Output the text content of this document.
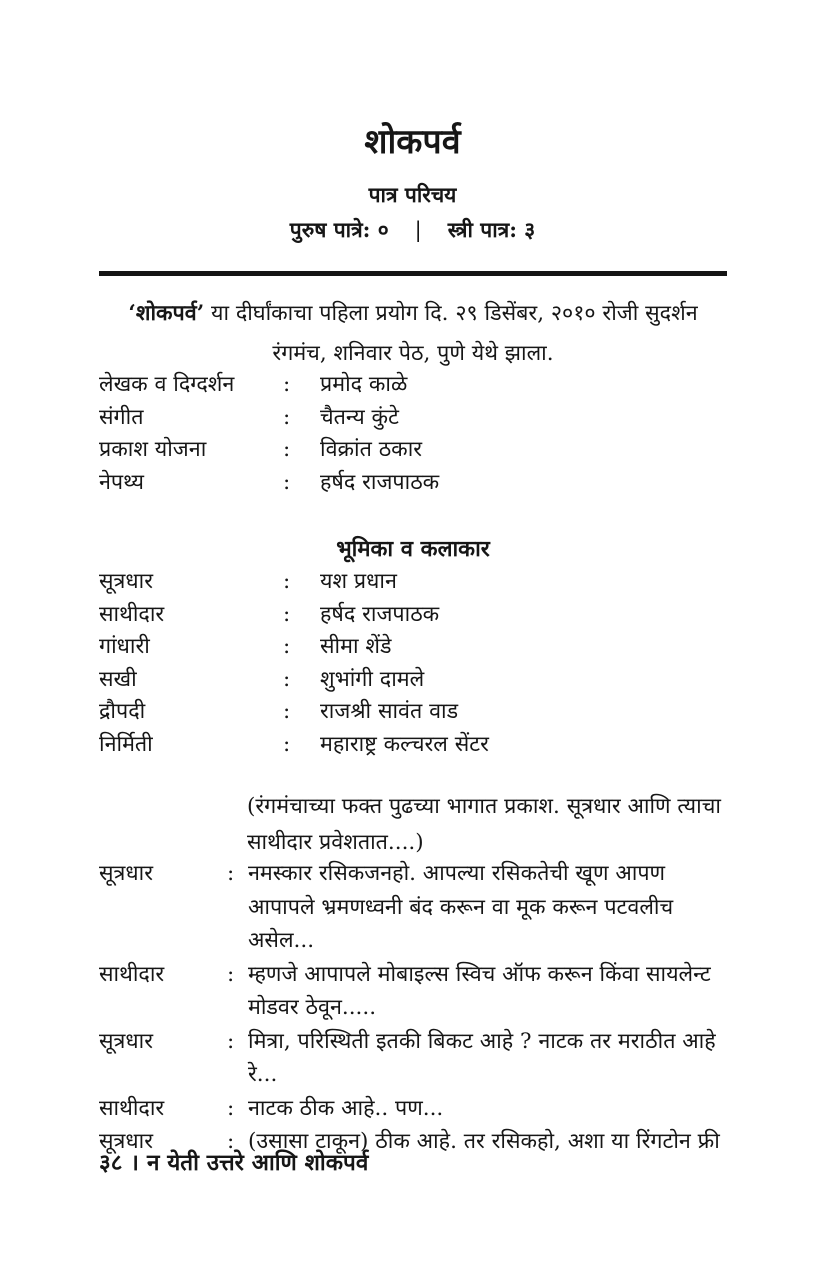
शोकपर्व
पात्र परिचय
पुरुष पात्रे: ० | स्त्री पात्र: ३
‘शोकपर्व’ या दीर्घांकाचा पहिला प्रयोग दि. २९ डिसेंबर, २०१० रोजी सुदर्शन रंगमंच, शनिवार पेठ, पुणे येथे झाला.
लेखक व दिग्दर्शन	:	प्रमोद काळे
संगीत	:	चैतन्य कुंटे
प्रकाश योजना	:	विक्रांत ठकार
नेपथ्य	:	हर्षद राजपाठक
भूमिका व कलाकार
सूत्रधार	:	यश प्रधान
साथीदार	:	हर्षद राजपाठक
गांधारी	:	सीमा शेंडे
सखी	:	शुभांगी दामले
द्रौपदी	:	राजश्री सावंत वाड
निर्मिती	:	महाराष्ट्र कल्चरल सेंटर
(रंगमंचाच्या फक्त पुढच्या भागात प्रकाश. सूत्रधार आणि त्याचा साथीदार प्रवेशतात....)
सूत्रधार	: नमस्कार रसिकजनहो. आपल्या रसिकतेची खूण आपण आपापले भ्रमणध्वनी बंद करून वा मूक करून पटवलीच असेल...
साथीदार	: म्हणजे आपापले मोबाइल्स स्विच ऑफ करून किंवा सायलेन्ट मोडवर ठेवून.....
सूत्रधार	: मित्रा, परिस्थिती इतकी बिकट आहे ? नाटक तर मराठीत आहे रे...
साथीदार	: नाटक ठीक आहे.. पण...
सूत्रधार	: (उसासा टाकून) ठीक आहे. तर रसिकहो, अशा या रिंगटोन फ्री
३८ । न येती उत्तरे आणि शोकपर्व
